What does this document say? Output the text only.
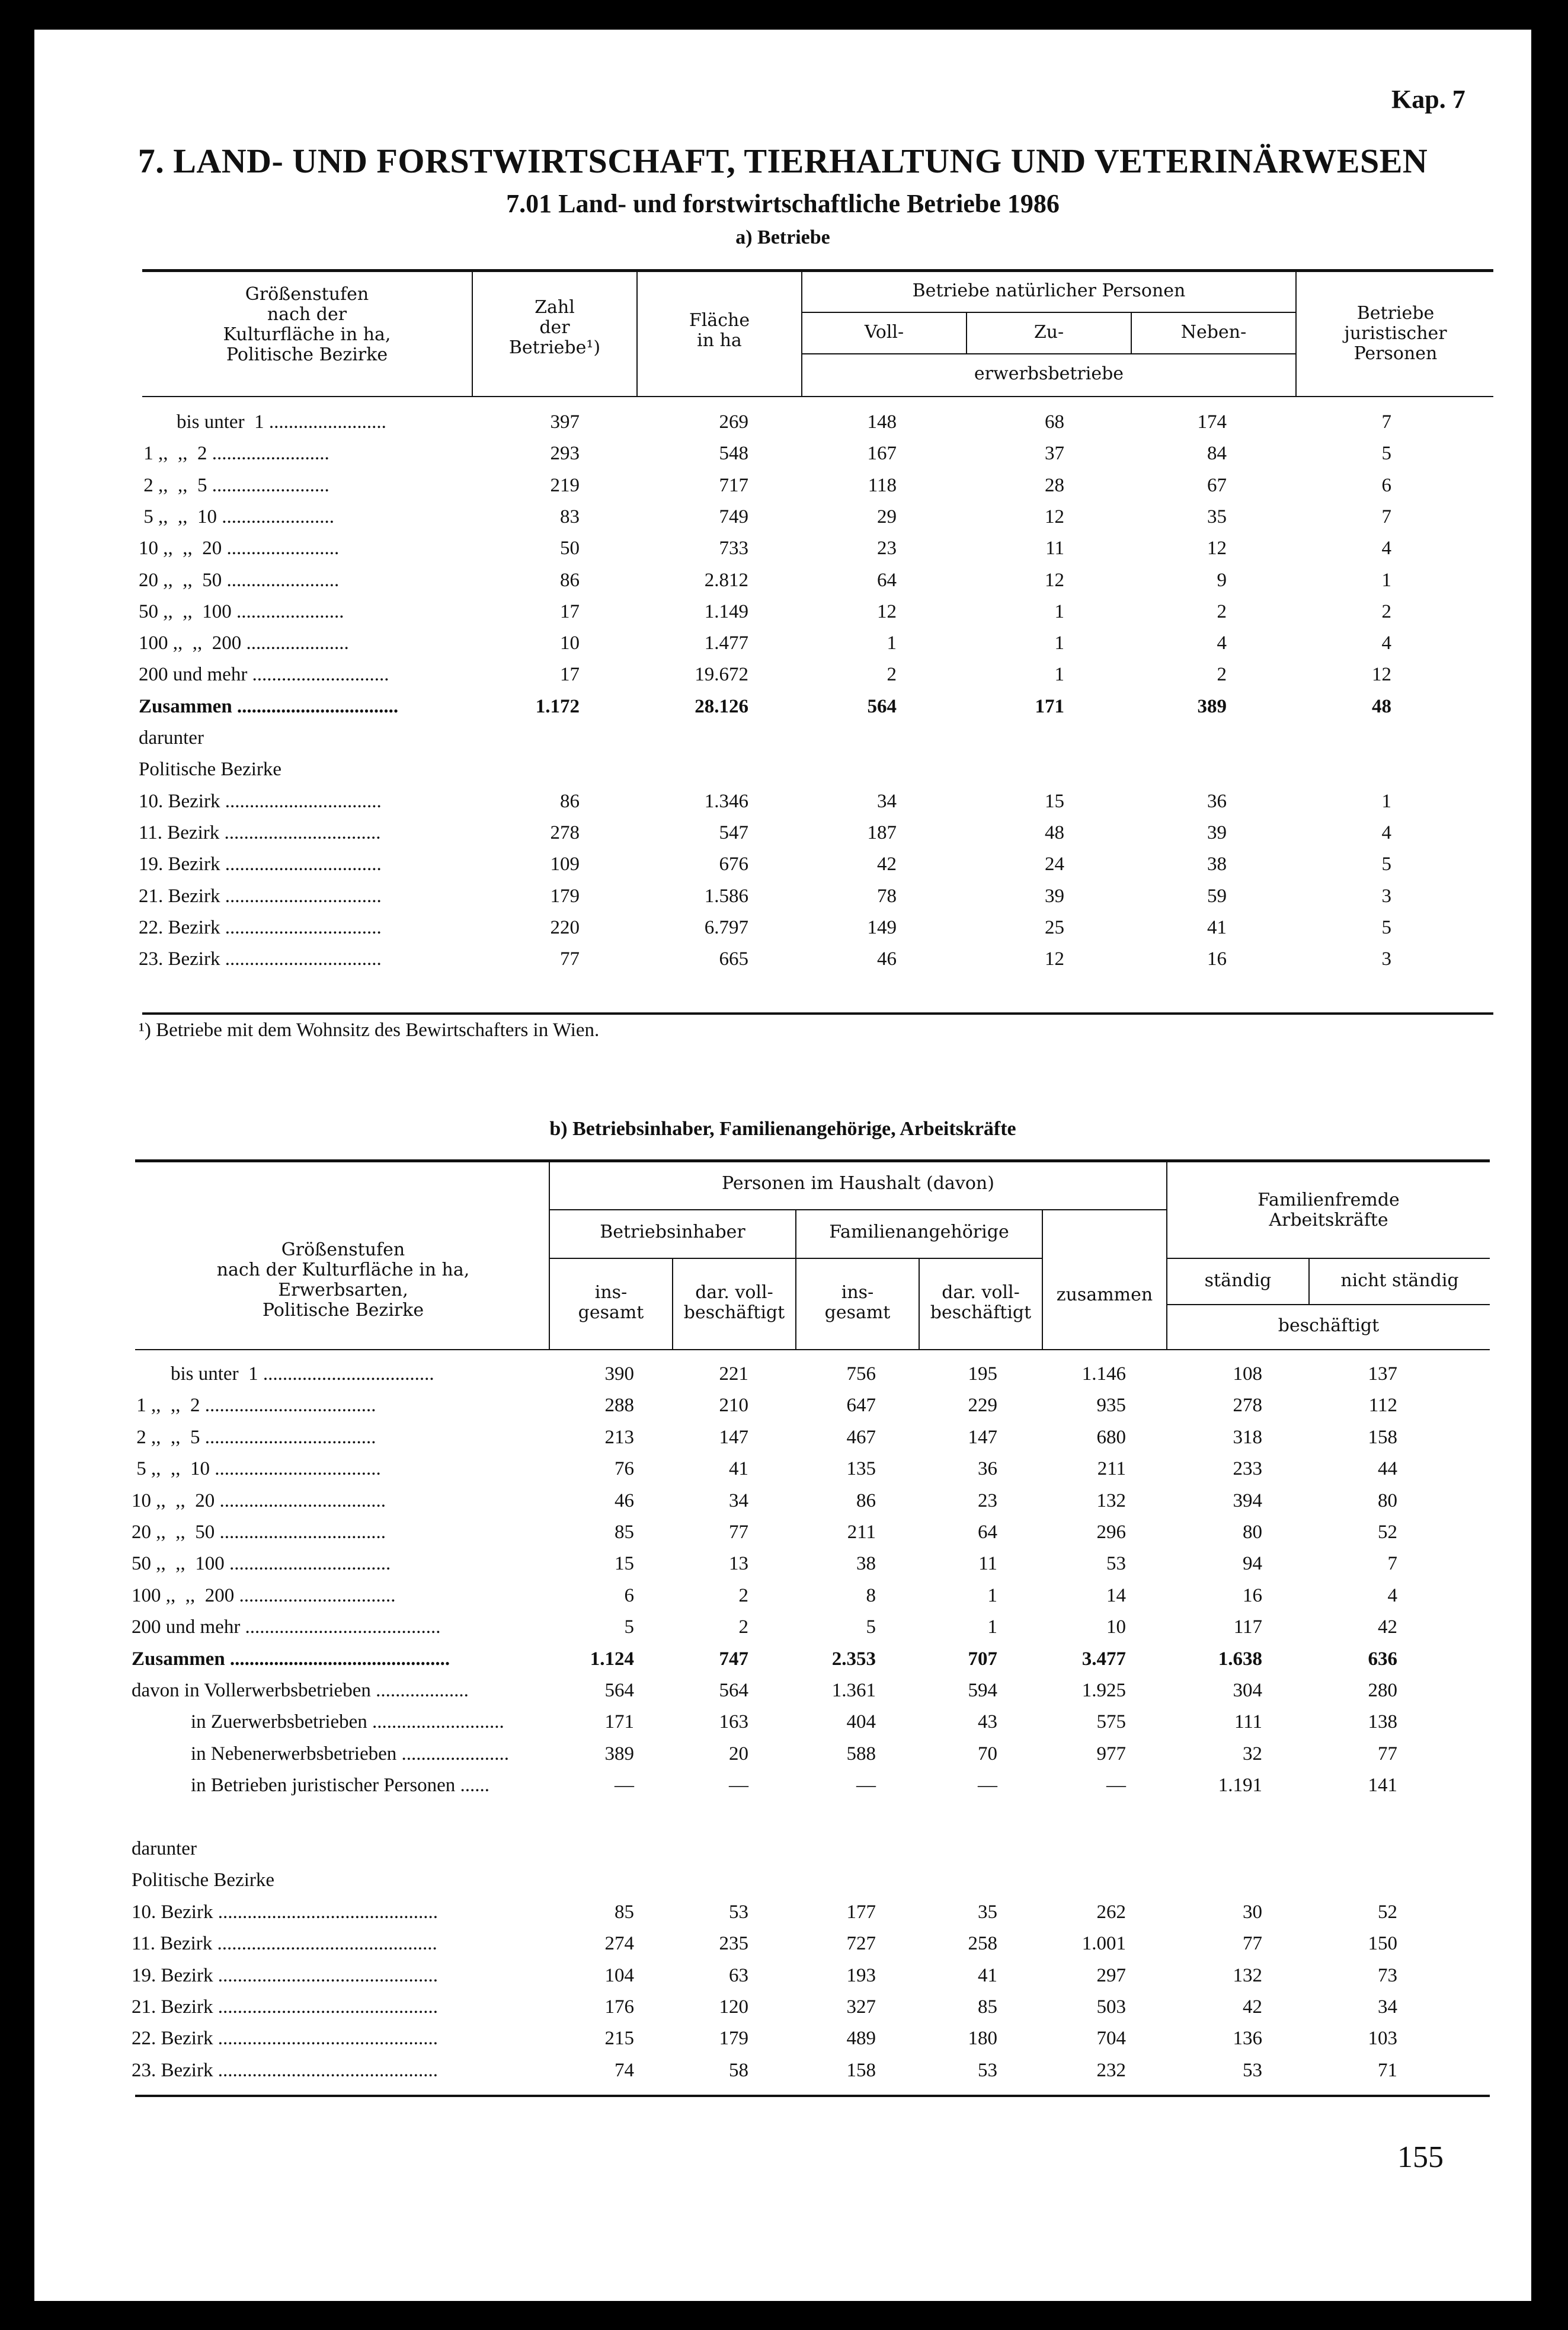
Kap. 7
7. LAND- UND FORSTWIRTSCHAFT, TIERHALTUNG UND VETERINÄRWESEN
7.01 Land- und forstwirtschaftliche Betriebe 1986
a) Betriebe
Größenstufen
nach der
Kulturfläche in ha,
Politische Bezirke
Zahl
der
Betriebe¹)
Fläche
in ha
Betriebe natürlicher Personen
Voll-	Zu-	Neben-
erwerbsbetriebe
Betriebe
juristischer
Personen
bis unter  1 ........................	397	269	148	68	174	7
1 ,,  ,,  2 ........................	293	548	167	37	84	5
2 ,,  ,,  5 ........................	219	717	118	28	67	6
5 ,,  ,,  10 .......................	83	749	29	12	35	7
10 ,,  ,,  20 .......................	50	733	23	11	12	4
20 ,,  ,,  50 .......................	86	2.812	64	12	9	1
50 ,,  ,,  100 ......................	17	1.149	12	1	2	2
100 ,,  ,,  200 .....................	10	1.477	1	1	4	4
200 und mehr ............................	17	19.672	2	1	2	12
Zusammen .................................	1.172	28.126	564	171	389	48
darunter
Politische Bezirke
10. Bezirk ................................	86	1.346	34	15	36	1
11. Bezirk ................................	278	547	187	48	39	4
19. Bezirk ................................	109	676	42	24	38	5
21. Bezirk ................................	179	1.586	78	39	59	3
22. Bezirk ................................	220	6.797	149	25	41	5
23. Bezirk ................................	77	665	46	12	16	3
¹) Betriebe mit dem Wohnsitz des Bewirtschafters in Wien.
b) Betriebsinhaber, Familienangehörige, Arbeitskräfte
Größenstufen
nach der Kulturfläche in ha,
Erwerbsarten,
Politische Bezirke
Personen im Haushalt (davon)
Betriebsinhaber	Familienangehörige
ins-
gesamt
dar. voll-
beschäftigt
ins-
gesamt
dar. voll-
beschäftigt
zusammen
Familienfremde
Arbeitskräfte
ständig	nicht ständig
beschäftigt
bis unter  1 ...................................	390	221	756	195	1.146	108	137
1 ,,  ,,  2 ...................................	288	210	647	229	935	278	112
2 ,,  ,,  5 ...................................	213	147	467	147	680	318	158
5 ,,  ,,  10 ..................................	76	41	135	36	211	233	44
10 ,,  ,,  20 ..................................	46	34	86	23	132	394	80
20 ,,  ,,  50 ..................................	85	77	211	64	296	80	52
50 ,,  ,,  100 .................................	15	13	38	11	53	94	7
100 ,,  ,,  200 ................................	6	2	8	1	14	16	4
200 und mehr ........................................	5	2	5	1	10	117	42
Zusammen .............................................	1.124	747	2.353	707	3.477	1.638	636
davon in Vollerwerbsbetrieben ...................	564	564	1.361	594	1.925	304	280
in Zuerwerbsbetrieben ...........................	171	163	404	43	575	111	138
in Nebenerwerbsbetrieben ......................	389	20	588	70	977	32	77
in Betrieben juristischer Personen ......	—	—	—	—	—	1.191	141
darunter
Politische Bezirke
10. Bezirk .............................................	85	53	177	35	262	30	52
11. Bezirk .............................................	274	235	727	258	1.001	77	150
19. Bezirk .............................................	104	63	193	41	297	132	73
21. Bezirk .............................................	176	120	327	85	503	42	34
22. Bezirk .............................................	215	179	489	180	704	136	103
23. Bezirk .............................................	74	58	158	53	232	53	71
155
